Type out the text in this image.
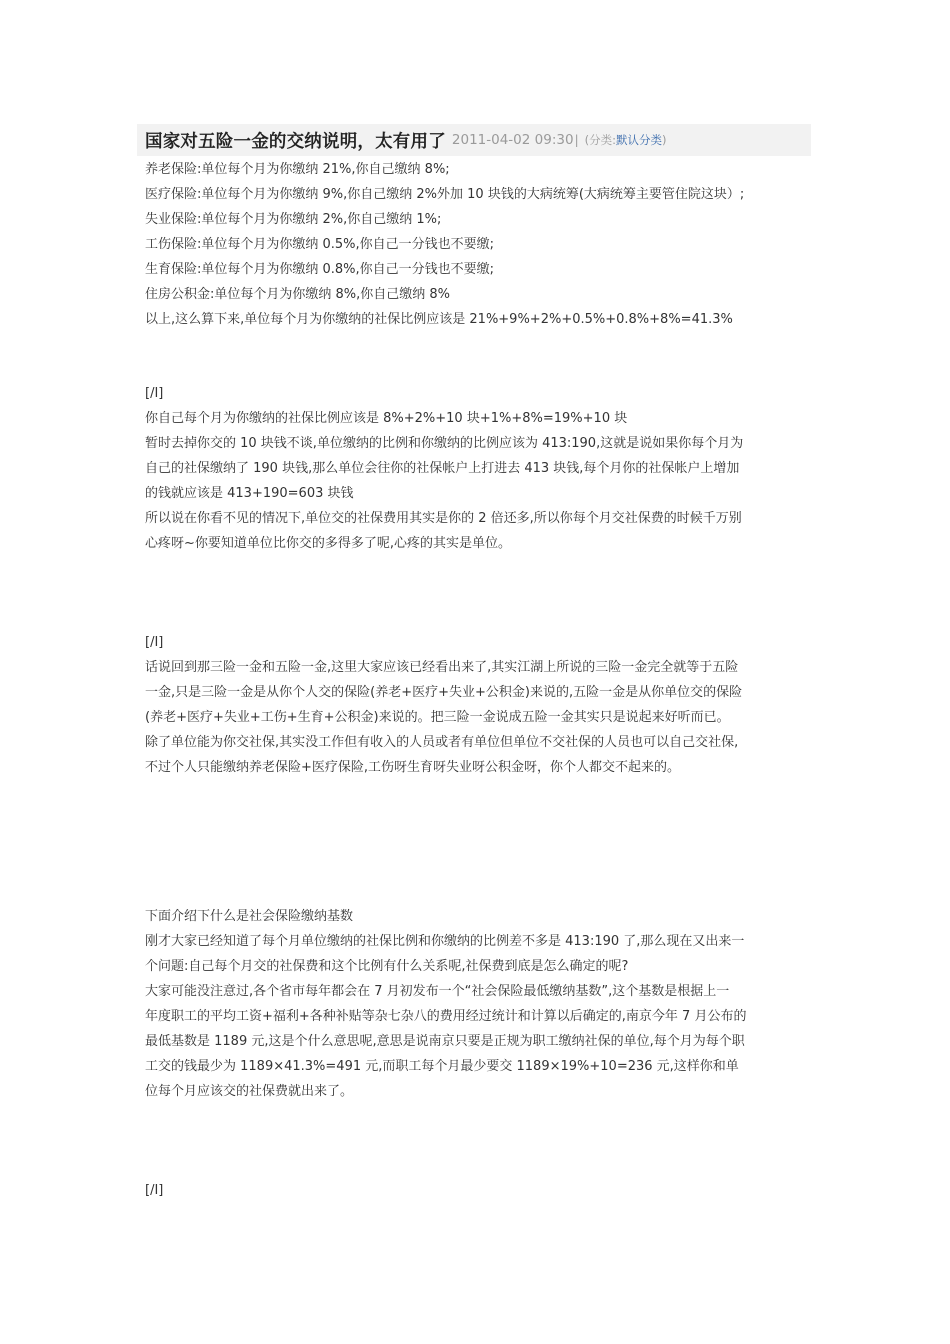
国家对五险一金的交纳说明，太有用了 2011-04-02 09:30 | (分类:默认分类)
养老保险:单位每个月为你缴纳 21%,你自己缴纳 8%;
医疗保险:单位每个月为你缴纳 9%,你自己缴纳 2%外加 10 块钱的大病统筹(大病统筹主要管住院这块）;
失业保险:单位每个月为你缴纳 2%,你自己缴纳 1%;
工伤保险:单位每个月为你缴纳 0.5%,你自己一分钱也不要缴;
生育保险:单位每个月为你缴纳 0.8%,你自己一分钱也不要缴;
住房公积金:单位每个月为你缴纳 8%,你自己缴纳 8%
以上,这么算下来,单位每个月为你缴纳的社保比例应该是 21%+9%+2%+0.5%+0.8%+8%=41.3%
[/I]
你自己每个月为你缴纳的社保比例应该是 8%+2%+10 块+1%+8%=19%+10 块
暂时去掉你交的 10 块钱不谈,单位缴纳的比例和你缴纳的比例应该为 413:190,这就是说如果你每个月为
自己的社保缴纳了 190 块钱,那么单位会往你的社保帐户上打进去 413 块钱,每个月你的社保帐户上增加
的钱就应该是 413+190=603 块钱
所以说在你看不见的情况下,单位交的社保费用其实是你的 2 倍还多,所以你每个月交社保费的时候千万别
心疼呀~你要知道单位比你交的多得多了呢,心疼的其实是单位。
[/I]
话说回到那三险一金和五险一金,这里大家应该已经看出来了,其实江湖上所说的三险一金完全就等于五险
一金,只是三险一金是从你个人交的保险(养老+医疗+失业+公积金)来说的,五险一金是从你单位交的保险
(养老+医疗+失业+工伤+生育+公积金)来说的。把三险一金说成五险一金其实只是说起来好听而已。
除了单位能为你交社保,其实没工作但有收入的人员或者有单位但单位不交社保的人员也可以自己交社保,
不过个人只能缴纳养老保险+医疗保险,工伤呀生育呀失业呀公积金呀，你个人都交不起来的。
下面介绍下什么是社会保险缴纳基数
刚才大家已经知道了每个月单位缴纳的社保比例和你缴纳的比例差不多是 413:190 了,那么现在又出来一
个问题:自己每个月交的社保费和这个比例有什么关系呢,社保费到底是怎么确定的呢?
大家可能没注意过,各个省市每年都会在 7 月初发布一个“社会保险最低缴纳基数”,这个基数是根据上一
年度职工的平均工资+福利+各种补贴等杂七杂八的费用经过统计和计算以后确定的,南京今年 7 月公布的
最低基数是 1189 元,这是个什么意思呢,意思是说南京只要是正规为职工缴纳社保的单位,每个月为每个职
工交的钱最少为 1189×41.3%=491 元,而职工每个月最少要交 1189×19%+10=236 元,这样你和单
位每个月应该交的社保费就出来了。
[/I]
